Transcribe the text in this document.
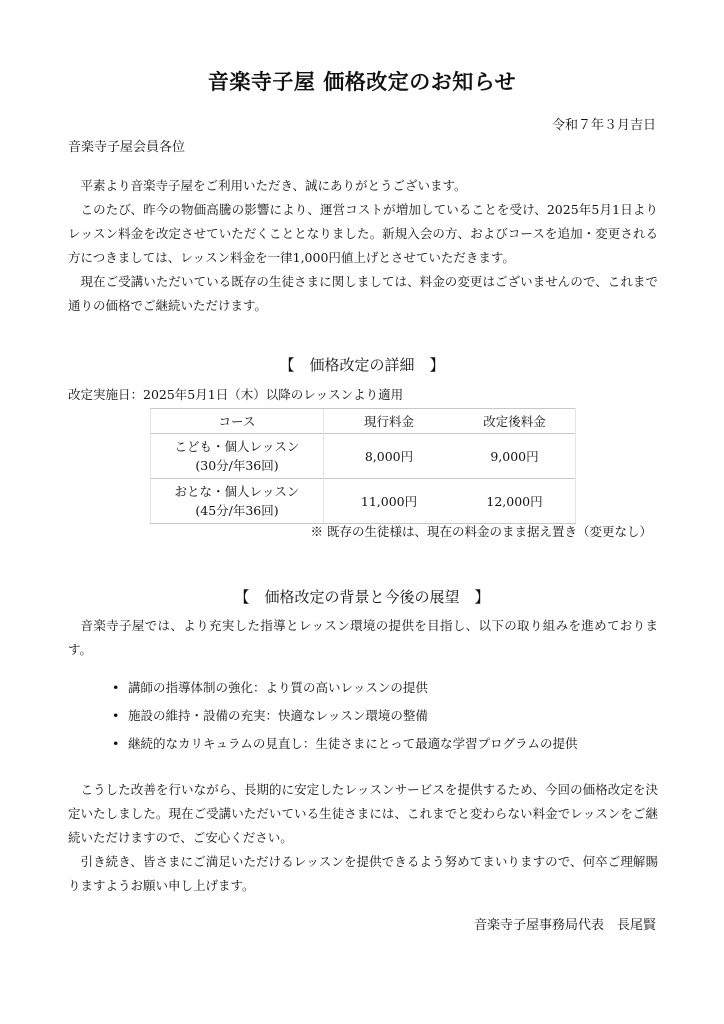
音楽寺子屋 価格改定のお知らせ
令和７年３月吉日
音楽寺子屋会員各位

平素より音楽寺子屋をご利用いただき、誠にありがとうございます。

このたび、昨今の物価高騰の影響により、運営コストが増加していることを受け、2025年5月1日よりレッスン料金を改定させていただくこととなりました。新規入会の方、およびコースを追加・変更される方につきましては、レッスン料金を一律1,000円値上げとさせていただきます。

現在ご受講いただいている既存の生徒さまに関しましては、料金の変更はございませんので、これまで通りの価格でご継続いただけます。

【　価格改定の詳細　】
改定実施日：2025年5月1日（木）以降のレッスンより適用
コース	現行料金	改定後料金

こども・個人レッスン
(30分/年36回)	8,000円	9,000円

おとな・個人レッスン
(45分/年36回)	11,000円	12,000円
※ 既存の生徒様は、現在の料金のまま据え置き（変更なし）
【　価格改定の背景と今後の展望　】

音楽寺子屋では、より充実した指導とレッスン環境の提供を目指し、以下の取り組みを進めております。

• 講師の指導体制の強化：より質の高いレッスンの提供
• 施設の維持・設備の充実：快適なレッスン環境の整備
• 継続的なカリキュラムの見直し：生徒さまにとって最適な学習プログラムの提供

こうした改善を行いながら、長期的に安定したレッスンサービスを提供するため、今回の価格改定を決定いたしました。現在ご受講いただいている生徒さまには、これまでと変わらない料金でレッスンをご継続いただけますので、ご安心ください。

引き続き、皆さまにご満足いただけるレッスンを提供できるよう努めてまいりますので、何卒ご理解賜りますようお願い申し上げます。

音楽寺子屋事務局代表　長尾賢
